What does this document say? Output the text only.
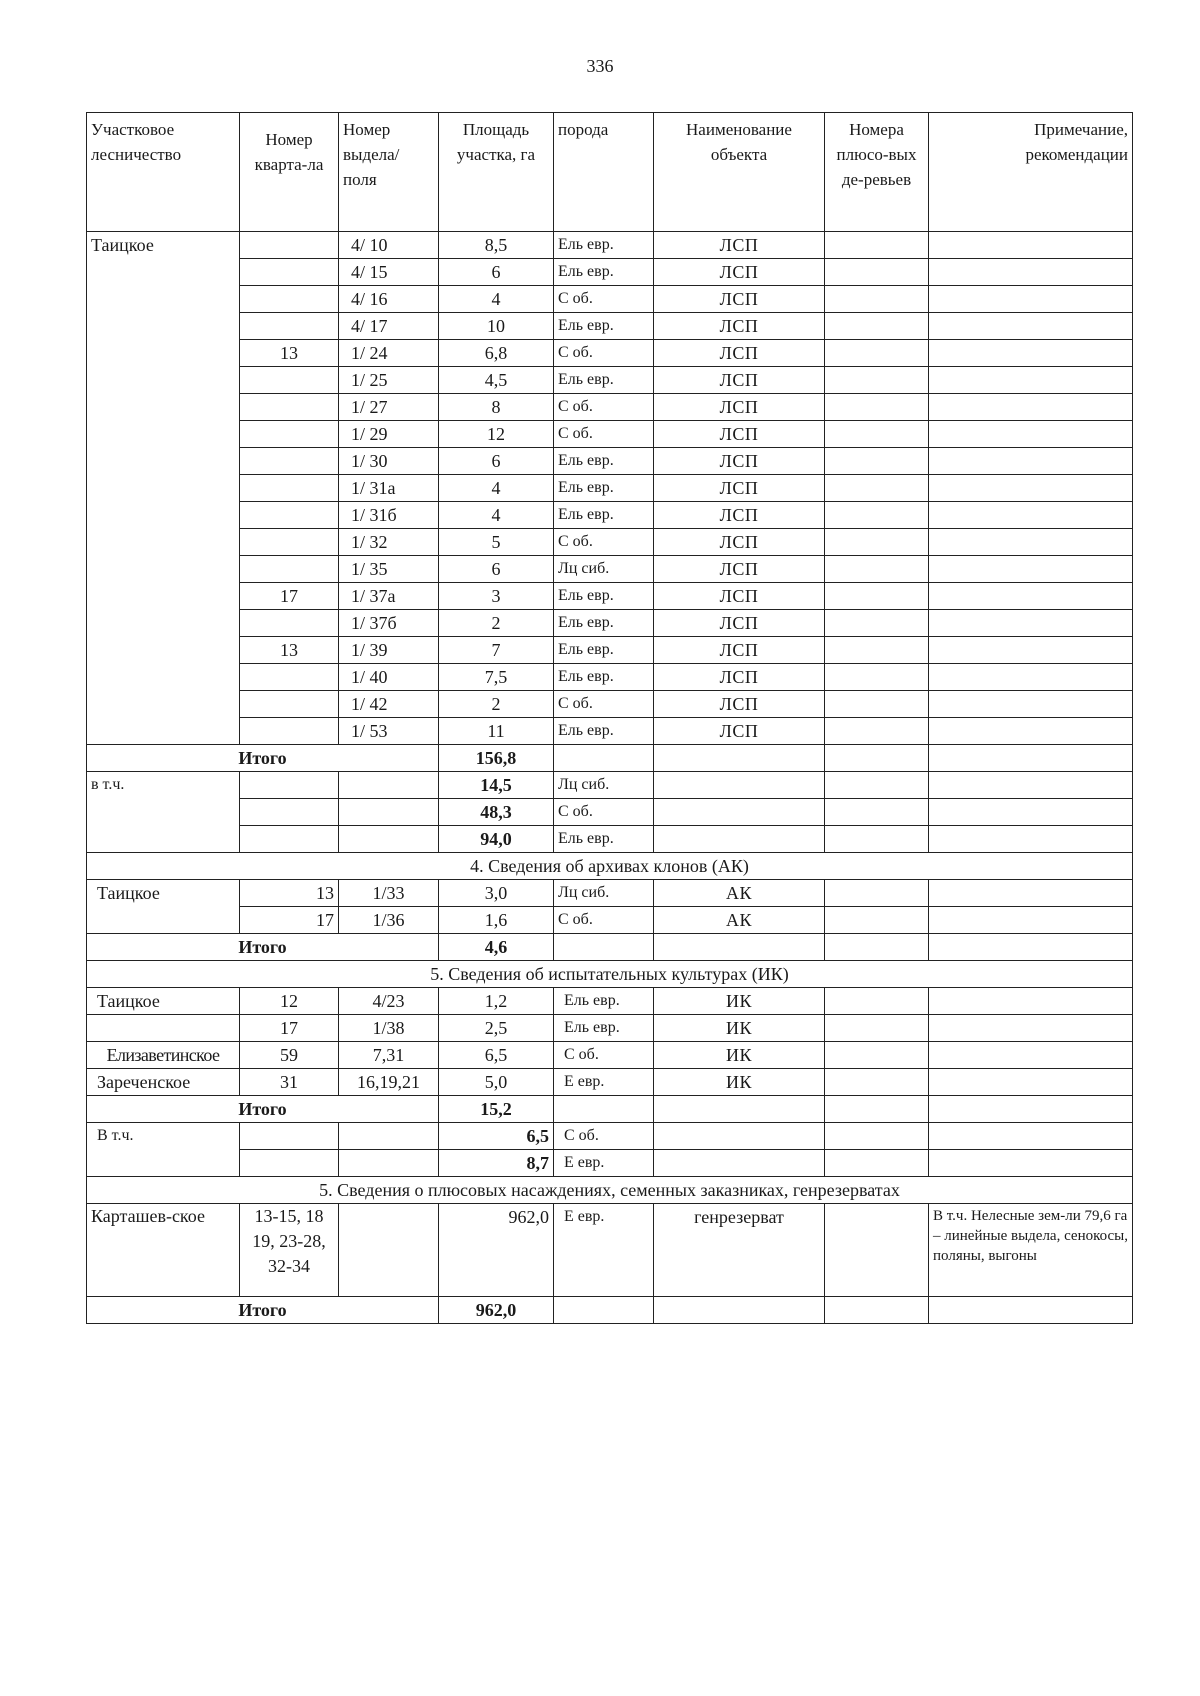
336
Участковое лесничество	Номер кварта-ла	Номер выдела/ поля	Площадь участка, га	порода	Наименование объекта	Номера плюсо-вых де-ревьев	Примечание, рекомендации
Таицкое		4/ 10	8,5	Ель евр.	ЛСП		
		4/ 15	6	Ель евр.	ЛСП		
		4/ 16	4	С об.	ЛСП		
		4/ 17	10	Ель евр.	ЛСП		
	13	1/ 24	6,8	С об.	ЛСП		
		1/ 25	4,5	Ель евр.	ЛСП		
		1/ 27	8	С об.	ЛСП		
		1/ 29	12	С об.	ЛСП		
		1/ 30	6	Ель евр.	ЛСП		
		1/ 31а	4	Ель евр.	ЛСП		
		1/ 31б	4	Ель евр.	ЛСП		
		1/ 32	5	С об.	ЛСП		
		1/ 35	6	Лц сиб.	ЛСП		
	17	1/ 37а	3	Ель евр.	ЛСП		
		1/ 37б	2	Ель евр.	ЛСП		
	13	1/ 39	7	Ель евр.	ЛСП		
		1/ 40	7,5	Ель евр.	ЛСП		
		1/ 42	2	С об.	ЛСП		
		1/ 53	11	Ель евр.	ЛСП		
Итого			156,8				
в т.ч.			14,5	Лц сиб.			
			48,3	С об.			
			94,0	Ель евр.			
4. Сведения об архивах клонов (АК)							
Таицкое	13	1/33	3,0	Лц сиб.	АК		
	17	1/36	1,6	С об.	АК		
Итого			4,6				
5. Сведения об испытательных культурах (ИК)							
Таицкое	12	4/23	1,2	Ель евр.	ИК		
	17	1/38	2,5	Ель евр.	ИК		
Елизаветинское	59	7,31	6,5	С об.	ИК		
Зареченское	31	16,19,21	5,0	Е евр.	ИК		
Итого			15,2				
В т.ч.			6,5	С об.			
			8,7	Е евр.			
5. Сведения о плюсовых насаждениях, семенных заказниках, генрезерватах							
Карташев-ское	13-15, 18 19, 23-28, 32-34		962,0	Е евр.	генрезерват		В т.ч. Нелесные зем-ли 79,6 га – линейные выдела, сенокосы, поляны, выгоны
Итого			962,0				
